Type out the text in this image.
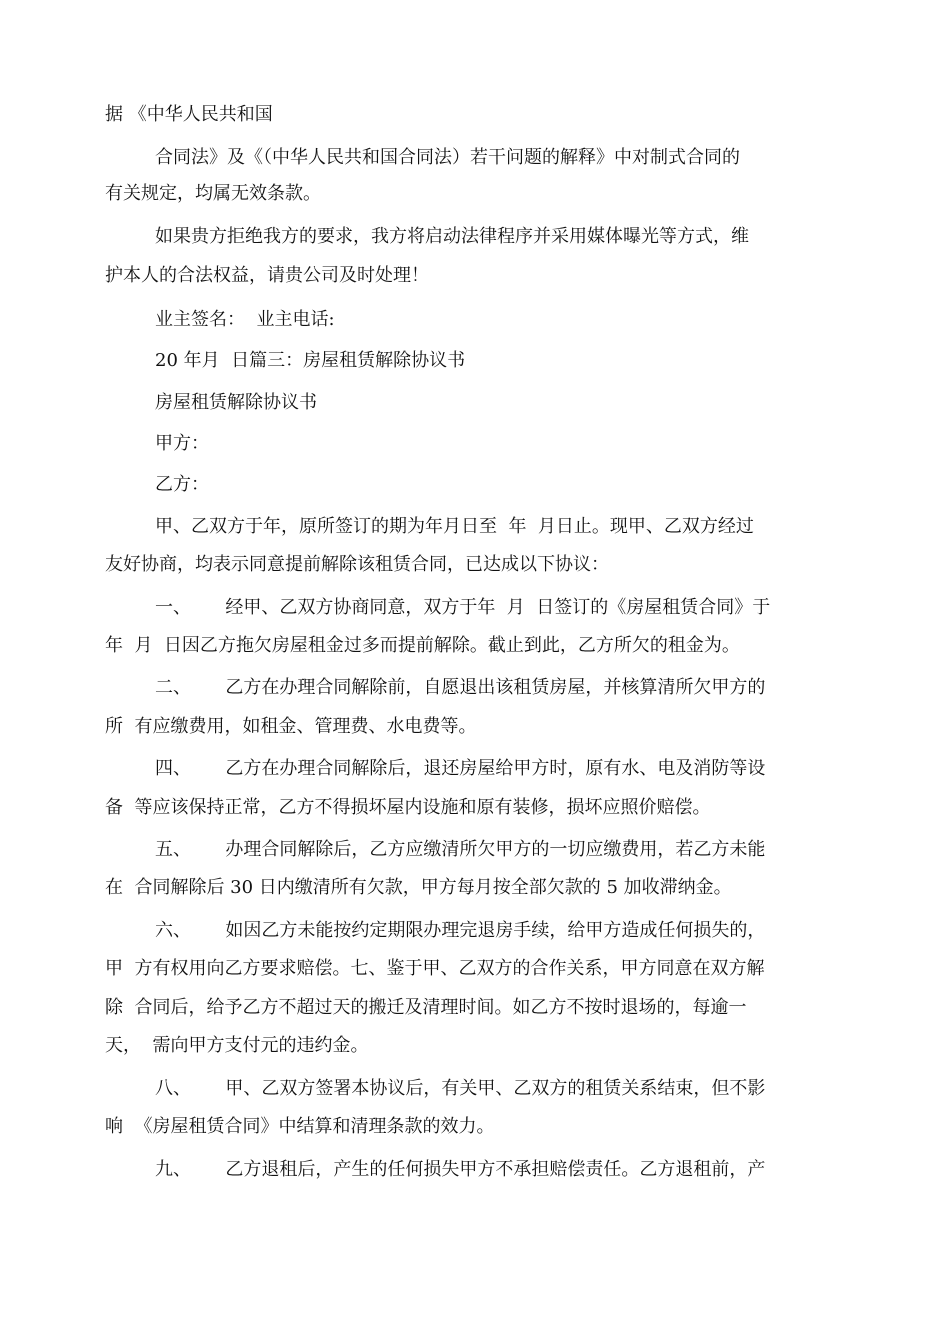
据 《中华人民共和国

合同法》及《（中华人民共和国合同法）若干问题的解释》中对制式合同的

有关规定，均属无效条款。

如果贵方拒绝我方的要求，我方将启动法律程序并采用媒体曝光等方式，维

护本人的合法权益，请贵公司及时处理！

业主签名：  业主电话:

20 年月  日篇三：房屋租赁解除协议书

房屋租赁解除协议书

甲方：

乙方：

甲、乙双方于年，原所签订的期为年月日至  年  月日止。现甲、乙双方经过

友好协商，均表示同意提前解除该租赁合同，已达成以下协议：

一、      经甲、乙双方协商同意，双方于年  月  日签订的《房屋租赁合同》于

年  月  日因乙方拖欠房屋租金过多而提前解除。截止到此，乙方所欠的租金为。

二、      乙方在办理合同解除前，自愿退出该租赁房屋，并核算清所欠甲方的

所  有应缴费用，如租金、管理费、水电费等。

四、      乙方在办理合同解除后，退还房屋给甲方时，原有水、电及消防等设

备  等应该保持正常，乙方不得损坏屋内设施和原有装修，损坏应照价赔偿。

五、      办理合同解除后，乙方应缴清所欠甲方的一切应缴费用，若乙方未能

在  合同解除后 30 日内缴清所有欠款，甲方每月按全部欠款的 5 加收滞纳金。

六、      如因乙方未能按约定期限办理完退房手续，给甲方造成任何损失的，

甲  方有权用向乙方要求赔偿。七、鉴于甲、乙双方的合作关系，甲方同意在双方解

除  合同后，给予乙方不超过天的搬迁及清理时间。如乙方不按时退场的，每逾一

天，  需向甲方支付元的违约金。

八、      甲、乙双方签署本协议后，有关甲、乙双方的租赁关系结束，但不影

响  《房屋租赁合同》中结算和清理条款的效力。

九、      乙方退租后，产生的任何损失甲方不承担赔偿责任。乙方退租前，产
